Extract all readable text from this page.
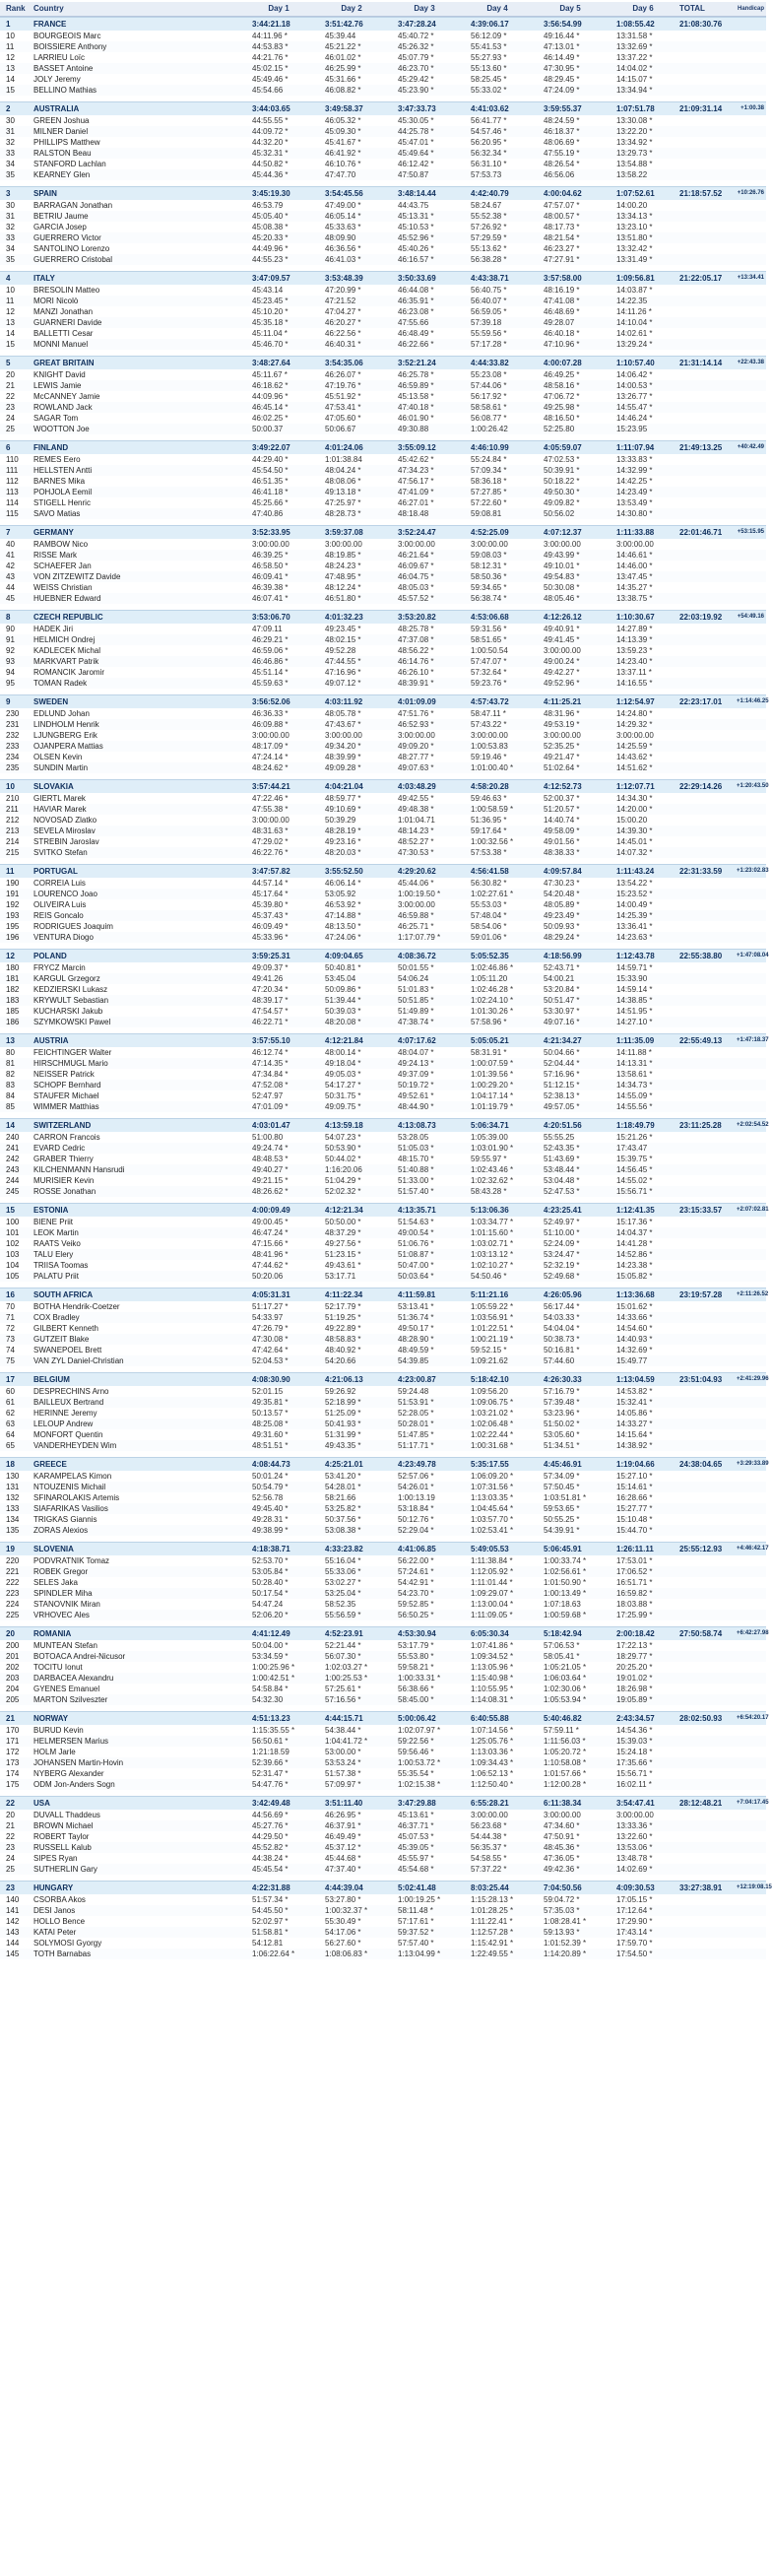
Rank	Country	Day 1	Day 2	Day 3	Day 4	Day 5	Day 6	TOTAL	Handicap
1	FRANCE	3:44:21.18	3:51:42.76	3:47:28.24	4:39:06.17	3:56:54.99	1:08:55.42	21:08:30.76
10	BOURGEOIS Marc	44:11.96 *	45:39.44	45:40.72 *	56:12.09 *	49:16.44 *	13:31.58 *
11	BOISSIERE Anthony	44:53.83 *	45:21.22 *	45:26.32 *	55:41.53 *	47:13.01 *	13:32.69 *
12	LARRIEU Loïc	44:21.76 *	46:01.02 *	45:07.79 *	55:27.93 *	46:14.49 *	13:37.22 *
13	BASSET Antoine	45:02.15 *	46:25.99 *	46:23.70 *	55:13.60 *	47:30.95 *	14:04.02 *
14	JOLY Jeremy	45:49.46 *	45:31.66 *	45:29.42 *	58:25.45 *	48:29.45 *	14:15.07 *
15	BELLINO Mathias	45:54.66	46:08.82 *	45:23.90 *	55:33.02 *	47:24.09 *	13:34.94 *
2	AUSTRALIA	3:44:03.65	3:49:58.37	3:47:33.73	4:41:03.62	3:59:55.37	1:07:51.78	21:09:31.14	+1:00.38
30	GREEN Joshua	44:55.55 *	46:05.32 *	45:30.05 *	56:41.77 *	48:24.59 *	13:30.08 *
31	MILNER Daniel	44:09.72 *	45:09.30 *	44:25.78 *	54:57.46 *	46:18.37 *	13:22.20 *
32	PHILLIPS Matthew	44:32.20 *	45:41.67 *	45:47.01 *	56:20.95 *	48:06.69 *	13:34.92 *
33	RALSTON Beau	45:32.31 *	46:41.92 *	45:49.64 *	56:32.34 *	47:55.19 *	13:29.73 *
34	STANFORD Lachlan	44:50.82 *	46:10.76 *	46:12.42 *	56:31.10 *	48:26.54 *	13:54.88 *
35	KEARNEY Glen	45:44.36 *	47:47.70	47:50.87	57:53.73	46:56.06	13:58.22
3	SPAIN	3:45:19.30	3:54:45.56	3:48:14.44	4:42:40.79	4:00:04.62	1:07:52.61	21:18:57.52	+10:26.76
30	BARRAGAN Jonathan	46:53.79	47:49.00 *	44:43.75	58:24.67	47:57.07 *	14:00.20
31	BETRIU Jaume	45:05.40 *	46:05.14 *	45:13.31 *	55:52.38 *	48:00.57 *	13:34.13 *
32	GARCIA Josep	45:08.38 *	45:33.63 *	45:10.53 *	57:26.92 *	48:17.73 *	13:23.10 *
33	GUERRERO Victor	45:20.33 *	48:09.90	45:52.96 *	57:29.59 *	48:21.54 *	13:51.80 *
34	SANTOLINO Lorenzo	44:49.96 *	46:36.56 *	45:40.26 *	55:13.62 *	46:23.27 *	13:32.42 *
35	GUERRERO Cristobal	44:55.23 *	46:41.03 *	46:16.57 *	56:38.28 *	47:27.91 *	13:31.49 *
4	ITALY	3:47:09.57	3:53:48.39	3:50:33.69	4:43:38.71	3:57:58.00	1:09:56.81	21:22:05.17	+13:34.41
10	BRESOLIN Matteo	45:43.14	47:20.99 *	46:44.08 *	56:40.75 *	48:16.19 *	14:03.87 *
11	MORI Nicolò	45:23.45 *	47:21.52	46:35.91 *	56:40.07 *	47:41.08 *	14:22.35
12	MANZI Jonathan	45:10.20 *	47:04.27 *	46:23.08 *	56:59.05 *	46:48.69 *	14:11.26 *
13	GUARNERI Davide	45:35.18 *	46:20.27 *	47:55.66	57:39.18	49:28.07	14:10.04 *
14	BALLETTI Cesar	45:11.04 *	46:22.56 *	46:48.49 *	55:59.56 *	46:40.18 *	14:02.61 *
15	MONNI Manuel	45:46.70 *	46:40.31 *	46:22.66 *	57:17.28 *	47:10.96 *	13:29.24 *
5	GREAT BRITAIN	3:48:27.64	3:54:35.06	3:52:21.24	4:44:33.82	4:00:07.28	1:10:57.40	21:31:14.14	+22:43.38
20	KNIGHT David	45:11.67 *	46:26.07 *	46:25.78 *	55:23.08 *	46:49.25 *	14:06.42 *
21	LEWIS Jamie	46:18.62 *	47:19.76 *	46:59.89 *	57:44.06 *	48:58.16 *	14:00.53 *
22	McCANNEY Jamie	44:09.96 *	45:51.92 *	45:13.58 *	56:17.92 *	47:06.72 *	13:26.77 *
23	ROWLAND Jack	46:45.14 *	47:53.41 *	47:40.18 *	58:58.61 *	49:25.98 *	14:55.47 *
24	SAGAR Tom	46:02.25 *	47:05.60 *	46:01.90 *	56:08.77 *	48:16.50 *	14:46.24 *
25	WOOTTON Joe	50:00.37	50:06.67	49:30.88	1:00:26.42	52:25.80	15:23.95
6	FINLAND	3:49:22.07	4:01:24.06	3:55:09.12	4:46:10.99	4:05:59.07	1:11:07.94	21:49:13.25	+40:42.49
110	REMES Eero	44:29.40 *	1:01:38.84	45:42.62 *	55:24.84 *	47:02.53 *	13:33.83 *
111	HELLSTEN Antti	45:54.50 *	48:04.24 *	47:34.23 *	57:09.34 *	50:39.91 *	14:32.99 *
112	BARNES Mika	46:51.35 *	48:08.06 *	47:56.17 *	58:36.18 *	50:18.22 *	14:42.25 *
113	POHJOLA Eemil	46:41.18 *	49:13.18 *	47:41.09 *	57:27.85 *	49:50.30 *	14:23.49 *
114	STIGELL Henric	45:25.66 *	47:25.97 *	46:27.01 *	57:22.60 *	49:09.82 *	13:53.49 *
115	SAVO Matias	47:40.86	48:28.73 *	48:18.48	59:08.81	50:56.02	14:30.80 *
7	GERMANY	3:52:33.95	3:59:37.08	3:52:24.47	4:52:25.09	4:07:12.37	1:11:33.88	22:01:46.71	+53:15.95
40	RAMBOW Nico	3:00:00.00	3:00:00.00	3:00:00.00	3:00:00.00	3:00:00.00	3:00:00.00
41	RISSE Mark	46:39.25 *	48:19.85 *	46:21.64 *	59:08.03 *	49:43.99 *	14:46.61 *
42	SCHAEFER Jan	46:58.50 *	48:24.23 *	46:09.67 *	58:12.31 *	49:10.01 *	14:46.00 *
43	VON ZITZEWITZ Davide	46:09.41 *	47:48.95 *	46:04.75 *	58:50.36 *	49:54.83 *	13:47.45 *
44	WEISS Christian	46:39.38 *	48:12.24 *	48:05.03 *	59:34.65 *	50:30.08 *	14:35.27 *
45	HUEBNER Edward	46:07.41 *	46:51.80 *	45:57.52 *	56:38.74 *	48:05.46 *	13:38.75 *
8	CZECH REPUBLIC	3:53:06.70	4:01:32.23	3:53:20.82	4:53:06.68	4:12:26.12	1:10:30.67	22:03:19.92	+54:49.16
90	HADEK Jiri	47:09.11	49:23.45 *	48:25.78 *	59:31.56 *	49:40.91 *	14:27.89 *
91	HELMICH Ondrej	46:29.21 *	48:02.15 *	47:37.08 *	58:51.65 *	49:41.45 *	14:13.39 *
92	KADLECEK Michal	46:59.06 *	49:52.28	48:56.22 *	1:00:50.54	3:00:00.00	13:59.23 *
93	MARKVART Patrik	46:46.86 *	47:44.55 *	46:14.76 *	57:47.07 *	49:00.24 *	14:23.40 *
94	ROMANCIK Jaromir	45:51.14 *	47:16.96 *	46:26.10 *	57:32.64 *	49:42.27 *	13:37.11 *
95	TOMAN Radek	45:59.63 *	49:07.12 *	48:39.91 *	59:23.76 *	49:52.96 *	14:16.55 *
9	SWEDEN	3:56:52.06	4:03:11.92	4:01:09.09	4:57:43.72	4:11:25.21	1:12:54.97	22:23:17.01	+1:14:46.25
230	EDLUND Johan	46:36.33 *	48:05.78 *	47:51.76 *	58:47.11 *	48:31.96 *	14:24.80 *
231	LINDHOLM Henrik	46:09.88 *	47:43.67 *	46:52.93 *	57:43.22 *	49:53.19 *	14:29.32 *
232	LJUNGBERG Erik	3:00:00.00	3:00:00.00	3:00:00.00	3:00:00.00	3:00:00.00	3:00:00.00
233	OJANPERA Mattias	48:17.09 *	49:34.20 *	49:09.20 *	1:00:53.83	52:35.25 *	14:25.59 *
234	OLSEN Kevin	47:24.14 *	48:39.99 *	48:27.77 *	59:19.46 *	49:21.47 *	14:43.62 *
235	SUNDIN Martin	48:24.62 *	49:09.28 *	49:07.63 *	1:01:00.40 *	51:02.64 *	14:51.62 *
10	SLOVAKIA	3:57:44.21	4:04:21.04	4:03:48.29	4:58:20.28	4:12:52.73	1:12:07.71	22:29:14.26	+1:20:43.50
210	GIERTL Marek	47:22.46 *	48:59.77 *	49:42.55 *	59:46.63 *	52:00.37 *	14:34.30 *
211	HAVIAR Marek	47:55.38 *	49:10.69 *	49:48.38 *	1:00:58.59 *	51:20.57 *	14:20.00 *
212	NOVOSAD Zlatko	3:00:00.00	50:39.29	1:01:04.71	51:36.95 *	14:40.74 *	15:00.20
213	SEVELA Miroslav	48:31.63 *	48:28.19 *	48:14.23 *	59:17.64 *	49:58.09 *	14:39.30 *
214	STREBIN Jaroslav	47:29.02 *	49:23.16 *	48:52.27 *	1:00:32.56 *	49:01.56 *	14:45.01 *
215	SVITKO Stefan	46:22.76 *	48:20.03 *	47:30.53 *	57:53.38 *	48:38.33 *	14:07.32 *
11	PORTUGAL	3:47:57.82	3:55:52.50	4:29:20.62	4:56:41.58	4:09:57.84	1:11:43.24	22:31:33.59	+1:23:02.83
190	CORREIA Luis	44:57.14 *	46:06.14 *	45:44.06 *	56:30.82 *	47:30.23 *	13:54.22 *
191	LOURENCO Joao	45:17.64 *	53:05.92	1:00:19.50 *	1:02:27.61 *	54:20.48 *	15:23.52 *
192	OLIVEIRA Luis	45:39.80 *	46:53.92 *	3:00:00.00	55:53.03 *	48:05.89 *	14:00.49 *
193	REIS Goncalo	45:37.43 *	47:14.88 *	46:59.88 *	57:48.04 *	49:23.49 *	14:25.39 *
195	RODRIGUES Joaquim	46:09.49 *	48:13.50 *	46:25.71 *	58:54.06 *	50:09.93 *	13:36.41 *
196	VENTURA Diogo	45:33.96 *	47:24.06 *	1:17:07.79 *	59:01.06 *	48:29.24 *	14:23.63 *
12	POLAND	3:59:25.31	4:09:04.65	4:08:36.72	5:05:52.35	4:18:56.99	1:12:43.78	22:55:38.80	+1:47:08.04
180	FRYCZ Marcin	49:09.37 *	50:40.81 *	50:01.55 *	1:02:46.86 *	52:43.71 *	14:59.71 *
181	KARGUL Grzegorz	49:41.26	53:45.04	54:06.24	1:05:11.20	54:00.21	15:33.90
182	KEDZIERSKI Lukasz	47:20.34 *	50:09.86 *	51:01.83 *	1:02:46.28 *	53:20.84 *	14:59.14 *
183	KRYWULT Sebastian	48:39.17 *	51:39.44 *	50:51.85 *	1:02:24.10 *	50:51.47 *	14:38.85 *
185	KUCHARSKI Jakub	47:54.57 *	50:39.03 *	51:49.89 *	1:01:30.26 *	53:30.97 *	14:51.95 *
186	SZYMKOWSKI Pawel	46:22.71 *	48:20.08 *	47:38.74 *	57:58.96 *	49:07.16 *	14:27.10 *
13	AUSTRIA	3:57:55.10	4:12:21.84	4:07:17.62	5:05:05.21	4:21:34.27	1:11:35.09	22:55:49.13	+1:47:18.37
80	FEICHTINGER Walter	46:12.74 *	48:00.14 *	48:04.07 *	58:31.91 *	50:04.66 *	14:11.88 *
81	HIRSCHMUGL Mario	47:14.35 *	49:18.04 *	49:24.13 *	1:00:07.59 *	52:04.44 *	14:13.31 *
82	NEISSER Patrick	47:34.84 *	49:05.03 *	49:37.09 *	1:01:39.56 *	57:16.96 *	13:58.61 *
83	SCHOPF Bernhard	47:52.08 *	54:17.27 *	50:19.72 *	1:00:29.20 *	51:12.15 *	14:34.73 *
84	STAUFER Michael	52:47.97	50:31.75 *	49:52.61 *	1:04:17.14 *	52:38.13 *	14:55.09 *
85	WIMMER Matthias	47:01.09 *	49:09.75 *	48:44.90 *	1:01:19.79 *	49:57.05 *	14:55.56 *
14	SWITZERLAND	4:03:01.47	4:13:59.18	4:13:08.73	5:06:34.71	4:20:51.56	1:18:49.79	23:11:25.28	+2:02:54.52
240	CARRON Francois	51:00.80	54:07.23 *	53:28.05	1:05:39.00	55:55.25	15:21.26 *
241	EVARD Cedric	49:24.74 *	50:53.90 *	51:05.03 *	1:03:01.90 *	52:43.35 *	17:43.47
242	GRABER Thierry	48:48.53 *	50:44.02 *	48:15.70 *	59:55.97 *	51:43.69 *	15:39.75 *
243	KILCHENMANN Hansrudi	49:40.27 *	1:16:20.06	51:40.88 *	1:02:43.46 *	53:48.44 *	14:56.45 *
244	MURISIER Kevin	49:21.15 *	51:04.29 *	51:33.00 *	1:02:32.62 *	53:04.48 *	14:55.02 *
245	ROSSE Jonathan	48:26.62 *	52:02.32 *	51:57.40 *	58:43.28 *	52:47.53 *	15:56.71 *
15	ESTONIA	4:00:09.49	4:12:21.34	4:13:35.71	5:13:06.36	4:23:25.41	1:12:41.35	23:15:33.57	+2:07:02.81
100	BIENE Priit	49:00.45 *	50:50.00 *	51:54.63 *	1:03:34.77 *	52:49.97 *	15:17.36 *
101	LEOK Martin	46:47.24 *	48:37.29 *	49:00.54 *	1:01:15.60 *	51:10.00 *	14:04.37 *
102	RAATS Veiko	47:15.66 *	49:27.56 *	51:06.76 *	1:03:02.71 *	52:24.09 *	14:41.28 *
103	TALU Elery	48:41.96 *	51:23.15 *	51:08.87 *	1:03:13.12 *	53:24.47 *	14:52.86 *
104	TRIISA Toomas	47:44.62 *	49:43.61 *	50:47.00 *	1:02:10.27 *	52:32.19 *	14:23.38 *
105	PALATU Priit	50:20.06	53:17.71	50:03.64 *	54:50.46 *	52:49.68 *	15:05.82 *
16	SOUTH AFRICA	4:05:31.31	4:11:22.34	4:11:59.81	5:11:21.16	4:26:05.96	1:13:36.68	23:19:57.28	+2:11:26.52
70	BOTHA Hendrik-Coetzer	51:17.27 *	52:17.79 *	53:13.41 *	1:05:59.22 *	56:17.44 *	15:01.62 *
71	COX Bradley	54:33.97	51:19.25 *	51:36.74 *	1:03:56.91 *	54:03.33 *	14:33.66 *
72	GILBERT Kenneth	47:26.79 *	49:22.89 *	49:50.17 *	1:01:22.51 *	54:04.04 *	14:54.60 *
73	GUTZEIT Blake	47:30.08 *	48:58.83 *	48:28.90 *	1:00:21.19 *	50:38.73 *	14:40.93 *
74	SWANEPOEL Brett	47:42.64 *	48:40.92 *	48:49.59 *	59:52.15 *	50:16.81 *	14:32.69 *
75	VAN ZYL Daniel-Christian	52:04.53 *	54:20.66	54:39.85	1:09:21.62	57:44.60	15:49.77
17	BELGIUM	4:08:30.90	4:21:06.13	4:23:00.87	5:18:42.10	4:26:30.33	1:13:04.59	23:51:04.93	+2:41:29.96
60	DESPRECHINS Arno	52:01.15	59:26.92	59:24.48	1:09:56.20	57:16.79 *	14:53.82 *
61	BAILLEUX Bertrand	49:35.81 *	52:18.99 *	51:53.91 *	1:09:06.75 *	57:39.48 *	15:32.41 *
62	HERINNE Jeremy	50:13.57 *	51:25.09 *	52:28.05 *	1:03:21.02 *	53:23.96 *	14:05.86 *
63	LELOUP Andrew	48:25.08 *	50:41.93 *	50:28.01 *	1:02:06.48 *	51:50.02 *	14:33.27 *
64	MONFORT Quentin	49:31.60 *	51:31.99 *	51:47.85 *	1:02:22.44 *	53:05.60 *	14:15.64 *
65	VANDERHEYDEN Wim	48:51.51 *	49:43.35 *	51:17.71 *	1:00:31.68 *	51:34.51 *	14:38.92 *
18	GREECE	4:08:44.73	4:25:21.01	4:23:49.78	5:35:17.55	4:45:46.91	1:19:04.66	24:38:04.65	+3:29:33.89
130	KARAMPELAS Kimon	50:01.24 *	53:41.20 *	52:57.06 *	1:06:09.20 *	57:34.09 *	15:27.10 *
131	NTOUZENIS Michail	50:54.79 *	54:28.01 *	54:26.01 *	1:07:31.56 *	57:50.45 *	15:14.61 *
132	SFINAROLAKIS Artemis	52:56.78	58:21.66	1:00:13.19	1:13:03.35 *	1:03:51.81 *	16:28.66 *
133	SIAFARIKAS Vasilios	49:45.40 *	53:25.82 *	53:18.84 *	1:04:45.64 *	59:53.65 *	15:27.77 *
134	TRIGKAS Giannis	49:28.31 *	50:37.56 *	50:12.76 *	1:03:57.70 *	50:55.25 *	15:10.48 *
135	ZORAS Alexios	49:38.99 *	53:08.38 *	52:29.04 *	1:02:53.41 *	54:39.91 *	15:44.70 *
19	SLOVENIA	4:18:38.71	4:33:23.82	4:41:06.85	5:49:05.53	5:06:45.91	1:26:11.11	25:55:12.93	+4:46:42.17
220	PODVRATNIK Tomaz	52:53.70 *	55:16.04 *	56:22.00 *	1:11:38.84 *	1:00:33.74 *	17:53.01 *
221	ROBEK Gregor	53:05.84 *	55:33.06 *	57:24.61 *	1:12:05.92 *	1:02:56.61 *	17:06.52 *
222	SELES Jaka	50:28.40 *	53:02.27 *	54:42.91 *	1:11:01.44 *	1:01:50.90 *	16:51.71 *
223	SPINDLER Miha	50:17.54 *	53:25.04 *	54:23.70 *	1:09:29.07 *	1:00:13.49 *	16:59.82 *
224	STANOVNIK Miran	54:47.24	58:52.35	59:52.85 *	1:13:00.04 *	1:07:18.63	18:03.88 *
225	VRHOVEC Ales	52:06.20 *	55:56.59 *	56:50.25 *	1:11:09.05 *	1:00:59.68 *	17:25.99 *
20	ROMANIA	4:41:12.49	4:52:23.91	4:53:30.94	6:05:30.34	5:18:42.94	2:00:18.42	27:50:58.74	+6:42:27.98
200	MUNTEAN Stefan	50:04.00 *	52:21.44 *	53:17.79 *	1:07:41.86 *	57:06.53 *	17:22.13 *
201	BOTOACA Andrei-Nicusor	53:34.59 *	56:07.30 *	55:53.80 *	1:09:34.52 *	58:05.41 *	18:29.77 *
202	TOCITU Ionut	1:00:25.96 *	1:02:03.27 *	59:58.21 *	1:13:05.96 *	1:05:21.05 *	20:25.20 *
203	DARBACEA Alexandru	1:00:42.51 *	1:00:25.53 *	1:00:33.31 *	1:15:40.98 *	1:06:03.64 *	19:01.02 *
204	GYENES Emanuel	54:58.84 *	57:25.61 *	56:38.66 *	1:10:55.95 *	1:02:30.06 *	18:26.98 *
205	MARTON Szilveszter	54:32.30	57:16.56 *	58:45.00 *	1:14:08.31 *	1:05:53.94 *	19:05.89 *
21	NORWAY	4:51:13.23	4:44:15.71	5:00:06.42	6:40:55.88	5:40:46.82	2:43:34.57	28:02:50.93	+6:54:20.17
170	BURUD Kevin	1:15:35.55 *	54:38.44 *	1:02:07.97 *	1:07:14.56 *	57:59.11 *	14:54.36 *
171	HELMERSEN Marius	56:50.61 *	1:04:41.72 *	59:22.56 *	1:25:05.76 *	1:11:56.03 *	15:39.03 *
172	HOLM Jarle	1:21:18.59	53:00.00 *	59:56.46 *	1:13:03.36 *	1:05:20.72 *	15:24.18 *
173	JOHANSEN Martin-Hovin	52:39.66 *	53:53.24 *	1:00:53.72 *	1:09:34.43 *	1:10:58.08 *	17:35.66 *
174	NYBERG Alexander	52:31.47 *	51:57.38 *	55:35.54 *	1:06:52.13 *	1:01:57.66 *	15:56.71 *
175	ODM Jon-Anders Sogn	54:47.76 *	57:09.97 *	1:02:15.38 *	1:12:50.40 *	1:12:00.28 *	16:02.11 *
22	USA	3:42:49.48	3:51:11.40	3:47:29.88	6:55:28.21	6:11:38.34	3:54:47.41	28:12:48.21	+7:04:17.45
20	DUVALL Thaddeus	44:56.69 *	46:26.95 *	45:13.61 *	3:00:00.00	3:00:00.00	3:00:00.00
21	BROWN Michael	45:27.76 *	46:37.91 *	46:37.71 *	56:23.68 *	47:34.60 *	13:33.36 *
22	ROBERT Taylor	44:29.50 *	46:49.49 *	45:07.53 *	54:44.38 *	47:50.91 *	13:22.60 *
23	RUSSELL Kalub	45:52.82 *	45:37.12 *	45:39.05 *	56:35.37 *	48:45.36 *	13:53.06 *
24	SIPES Ryan	44:38.24 *	45:44.68 *	45:55.97 *	54:58.55 *	47:36.05 *	13:48.78 *
25	SUTHERLIN Gary	45:45.54 *	47:37.40 *	45:54.68 *	57:37.22 *	49:42.36 *	14:02.69 *
23	HUNGARY	4:22:31.88	4:44:39.04	5:02:41.48	8:03:25.44	7:04:50.56	4:09:30.53	33:27:38.91	+12:19:08.15
140	CSORBA Akos	51:57.34 *	53:27.80 *	1:00:19.25 *	1:15:28.13 *	59:04.72 *	17:05.15 *
141	DESI Janos	54:45.50 *	1:00:32.37 *	58:11.48 *	1:01:28.25 *	57:35.03 *	17:12.64 *
142	HOLLO Bence	52:02.97 *	55:30.49 *	57:17.61 *	1:11:22.41 *	1:08:28.41 *	17:29.90 *
143	KATAI Peter	51:58.81 *	54:17.06 *	59:37.52 *	1:12:57.28 *	59:13.93 *	17:43.14 *
144	SOLYMOSI Gyorgy	54:12.81	56:27.60 *	57:57.40 *	1:15:42.91 *	1:01:52.39 *	17:59.70 *
145	TOTH Barnabas	1:06:22.64 *	1:08:06.83 *	1:13:04.99 *	1:22:49.55 *	1:14:20.89 *	17:54.50 *
